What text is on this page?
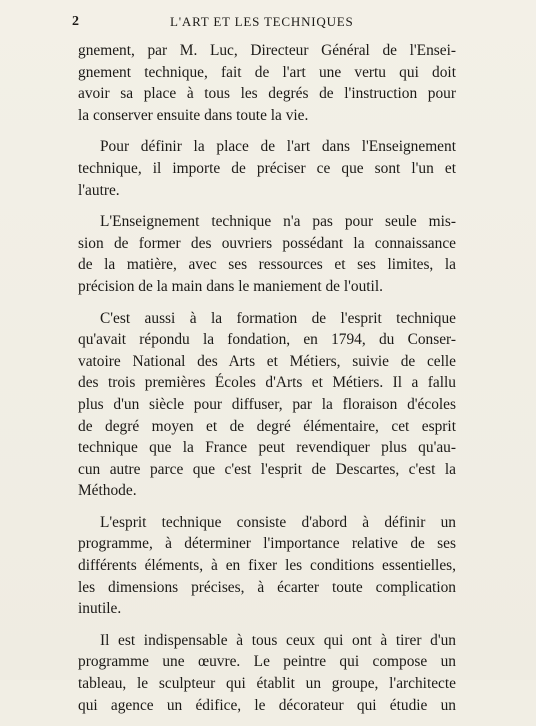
2	L'ART ET LES TECHNIQUES

gnement, par M. Luc, Directeur Général de l'Ensei-
gnement technique, fait de l'art une vertu qui doit
avoir sa place à tous les degrés de l'instruction pour
la conserver ensuite dans toute la vie.

Pour définir la place de l'art dans l'Enseignement
technique, il importe de préciser ce que sont l'un et
l'autre.

L'Enseignement technique n'a pas pour seule mis-
sion de former des ouvriers possédant la connaissance
de la matière, avec ses ressources et ses limites, la
précision de la main dans le maniement de l'outil.

C'est aussi à la formation de l'esprit technique
qu'avait répondu la fondation, en 1794, du Conser-
vatoire National des Arts et Métiers, suivie de celle
des trois premières Écoles d'Arts et Métiers. Il a fallu
plus d'un siècle pour diffuser, par la floraison d'écoles
de degré moyen et de degré élémentaire, cet esprit
technique que la France peut revendiquer plus qu'au-
cun autre parce que c'est l'esprit de Descartes, c'est la
Méthode.

L'esprit technique consiste d'abord à définir un
programme, à déterminer l'importance relative de ses
différents éléments, à en fixer les conditions essentielles,
les dimensions précises, à écarter toute complication
inutile.

Il est indispensable à tous ceux qui ont à tirer d'un
programme une œuvre. Le peintre qui compose un
tableau, le sculpteur qui établit un groupe, l'architecte
qui agence un édifice, le décorateur qui étudie un
